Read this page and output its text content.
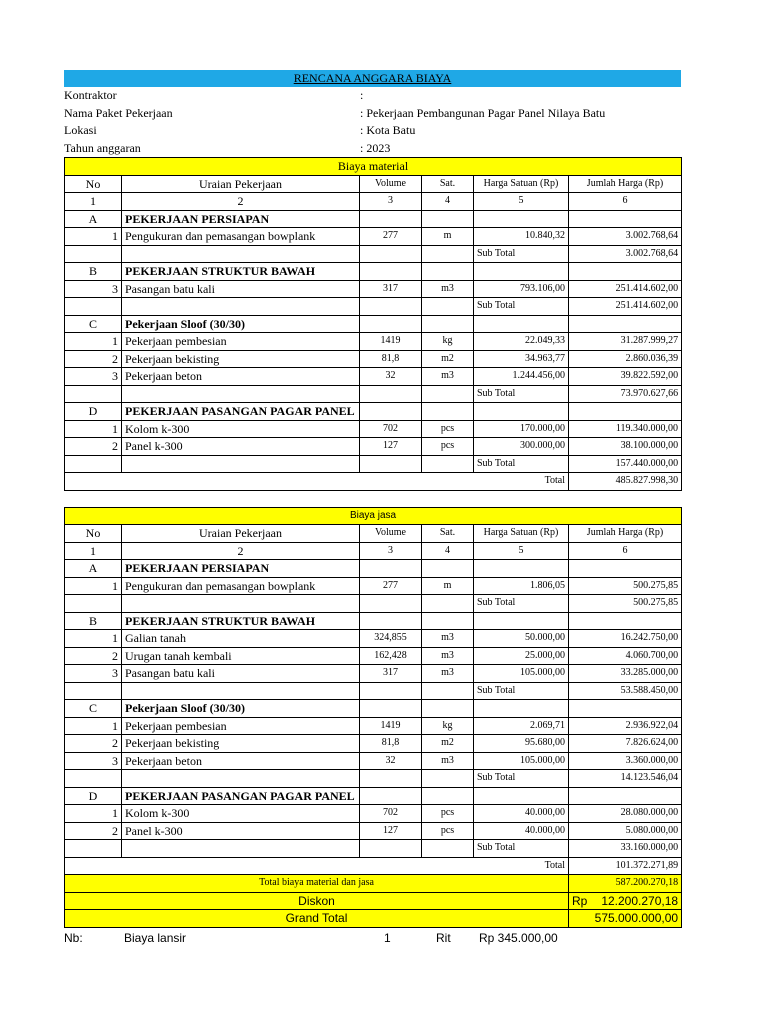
RENCANA ANGGARA BIAYA
Kontraktor	:
Nama Paket Pekerjaan	: Pekerjaan Pembangunan Pagar Panel Nilaya Batu
Lokasi	: Kota Batu
Tahun anggaran	: 2023
Biaya material					
No	Uraian Pekerjaan	Volume	Sat.	Harga Satuan (Rp)	Jumlah Harga (Rp)
1	2	3	4	5	6
A	PEKERJAAN PERSIAPAN				
1	Pengukuran dan pemasangan bowplank	277	m	10.840,32	3.002.768,64
				Sub Total	3.002.768,64
B	PEKERJAAN STRUKTUR BAWAH				
3	Pasangan batu kali	317	m3	793.106,00	251.414.602,00
				Sub Total	251.414.602,00
C	Pekerjaan Sloof (30/30)				
1	Pekerjaan pembesian	1419	kg	22.049,33	31.287.999,27
2	Pekerjaan bekisting	81,8	m2	34.963,77	2.860.036,39
3	Pekerjaan beton	32	m3	1.244.456,00	39.822.592,00
				Sub Total	73.970.627,66
D	PEKERJAAN PASANGAN PAGAR PANEL				
1	Kolom k-300	702	pcs	170.000,00	119.340.000,00
2	Panel k-300	127	pcs	300.000,00	38.100.000,00
				Sub Total	157.440.000,00
Total					485.827.998,30
Biaya jasa					
No	Uraian Pekerjaan	Volume	Sat.	Harga Satuan (Rp)	Jumlah Harga (Rp)
1	2	3	4	5	6
A	PEKERJAAN PERSIAPAN				
1	Pengukuran dan pemasangan bowplank	277	m	1.806,05	500.275,85
				Sub Total	500.275,85
B	PEKERJAAN STRUKTUR BAWAH				
1	Galian tanah	324,855	m3	50.000,00	16.242.750,00
2	Urugan tanah kembali	162,428	m3	25.000,00	4.060.700,00
3	Pasangan batu kali	317	m3	105.000,00	33.285.000,00
				Sub Total	53.588.450,00
C	Pekerjaan Sloof (30/30)				
1	Pekerjaan pembesian	1419	kg	2.069,71	2.936.922,04
2	Pekerjaan bekisting	81,8	m2	95.680,00	7.826.624,00
3	Pekerjaan beton	32	m3	105.000,00	3.360.000,00
				Sub Total	14.123.546,04
D	PEKERJAAN PASANGAN PAGAR PANEL				
1	Kolom k-300	702	pcs	40.000,00	28.080.000,00
2	Panel k-300	127	pcs	40.000,00	5.080.000,00
				Sub Total	33.160.000,00
Total					101.372.271,89
Total biaya material dan jasa					587.200.270,18
Diskon					Rp 12.200.270,18

Grand Total					575.000.000,00
Nb:	Biaya lansir	1	Rit Rp 345.000,00
